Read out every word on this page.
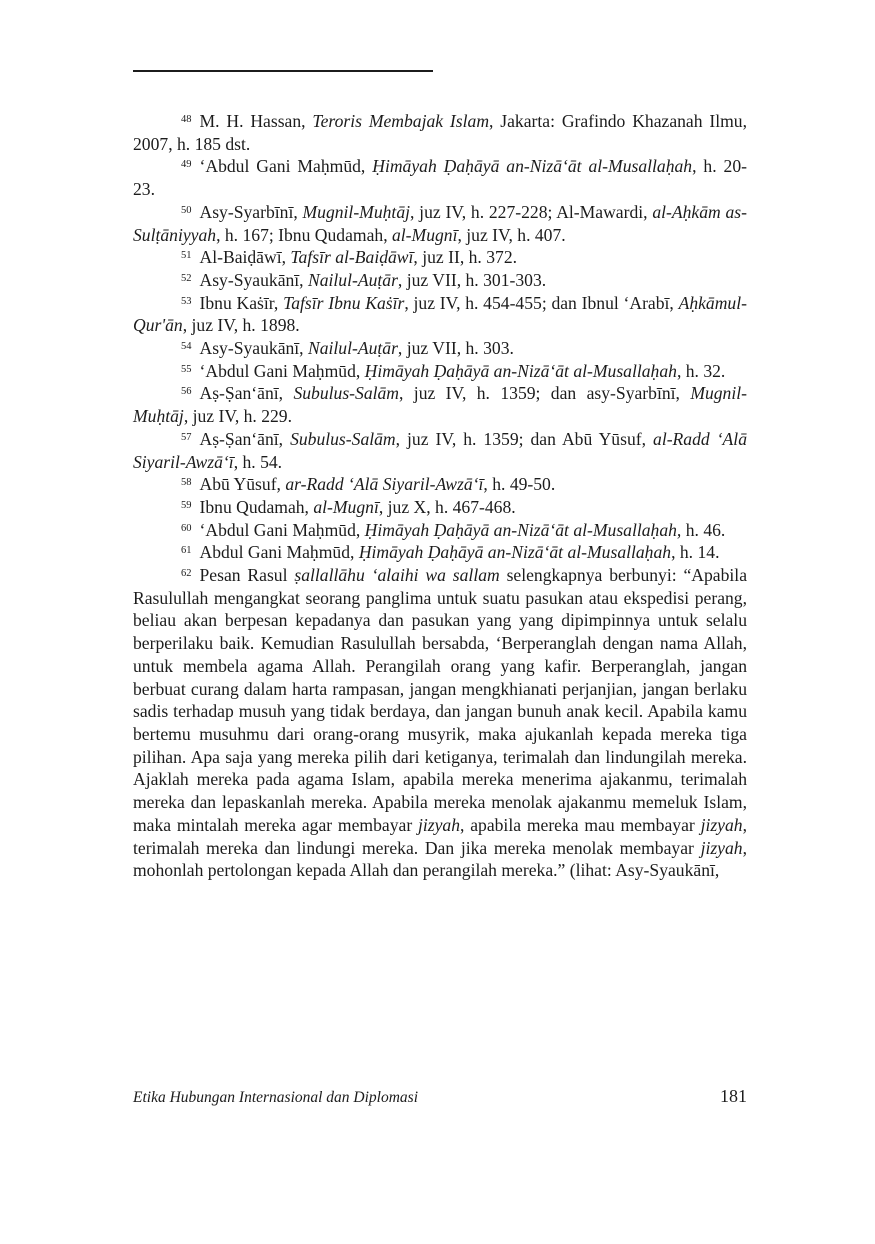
$^{48}$ M. H. Hassan, Teroris Membajak Islam, Jakarta: Grafindo Khazanah Ilmu, 2007, h. 185 dst.

$^{49}$ ‘Abdul Gani Maḥmūd, Ḥimāyah Ḍaḥāyā an-Nizā‘āt al-Musallaḥah, h. 20-23.

$^{50}$ Asy-Syarbīnī, Mugnil-Muḥtāj, juz IV, h. 227-228; Al-Mawardi, al-Aḥkām as-Sulṭāniyyah, h. 167; Ibnu Qudamah, al-Mugnī, juz IV, h. 407.

$^{51}$ Al-Baiḍāwī, Tafsīr al-Baiḍāwī, juz II, h. 372.

$^{52}$ Asy-Syaukānī, Nailul-Auṭār, juz VII, h. 301-303.

$^{53}$ Ibnu Kaṡīr, Tafsīr Ibnu Kaṡīr, juz IV, h. 454-455; dan Ibnul ‘Arabī, Aḥkāmul-Qur'ān, juz IV, h. 1898.

$^{54}$ Asy-Syaukānī, Nailul-Auṭār, juz VII, h. 303.

$^{55}$ ‘Abdul Gani Maḥmūd, Ḥimāyah Ḍaḥāyā an-Nizā‘āt al-Musallaḥah, h. 32.

$^{56}$ Aṣ-Ṣan‘ānī, Subulus-Salām, juz IV, h. 1359; dan asy-Syarbīnī, Mugnil-Muḥtāj, juz IV, h. 229.

$^{57}$ Aṣ-Ṣan‘ānī, Subulus-Salām, juz IV, h. 1359; dan Abū Yūsuf, al-Radd ‘Alā Siyaril-Awzā‘ī, h. 54.

$^{58}$ Abū Yūsuf, ar-Radd ‘Alā Siyaril-Awzā‘ī, h. 49-50.

$^{59}$ Ibnu Qudamah, al-Mugnī, juz X, h. 467-468.

$^{60}$ ‘Abdul Gani Maḥmūd, Ḥimāyah Ḍaḥāyā an-Nizā‘āt al-Musallaḥah, h. 46.

$^{61}$ Abdul Gani Maḥmūd, Ḥimāyah Ḍaḥāyā an-Nizā‘āt al-Musallaḥah, h. 14.

$^{62}$ Pesan Rasul ṣallallāhu ‘alaihi wa sallam selengkapnya berbunyi: “Apabila Rasulullah mengangkat seorang panglima untuk suatu pasukan atau ekspedisi perang, beliau akan berpesan kepadanya dan pasukan yang yang dipimpinnya untuk selalu berperilaku baik. Kemudian Rasulullah bersabda, ‘Berperanglah dengan nama Allah, untuk membela agama Allah. Perangilah orang yang kafir. Berperanglah, jangan berbuat curang dalam harta rampasan, jangan mengkhianati perjanjian, jangan berlaku sadis terhadap musuh yang tidak berdaya, dan jangan bunuh anak kecil. Apabila kamu bertemu musuhmu dari orang-orang musyrik, maka ajukanlah kepada mereka tiga pilihan. Apa saja yang mereka pilih dari ketiganya, terimalah dan lindungilah mereka. Ajaklah mereka pada agama Islam, apabila mereka menerima ajakanmu, terimalah mereka dan lepaskanlah mereka. Apabila mereka menolak ajakanmu memeluk Islam, maka mintalah mereka agar membayar jizyah, apabila mereka mau membayar jizyah, terimalah mereka dan lindungi mereka. Dan jika mereka menolak membayar jizyah, mohonlah pertolongan kepada Allah dan perangilah mereka.” (lihat: Asy-Syaukānī,

Etika Hubungan Internasional dan Diplomasi	181
